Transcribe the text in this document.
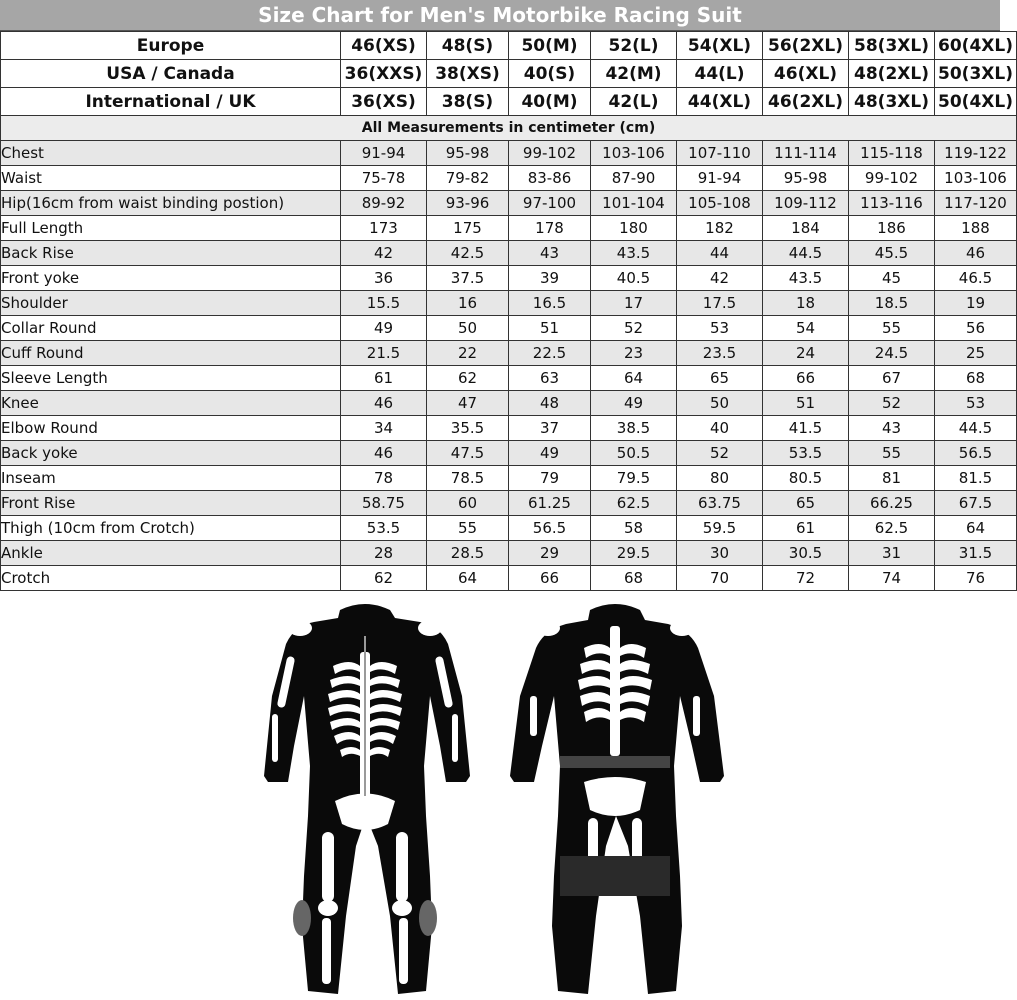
Size Chart for Men's Motorbike Racing Suit
Europe	46(XS)	48(S)	50(M)	52(L)	54(XL)	56(2XL)	58(3XL)	60(4XL)
USA / Canada	36(XXS)	38(XS)	40(S)	42(M)	44(L)	46(XL)	48(2XL)	50(3XL)
International / UK	36(XS)	38(S)	40(M)	42(L)	44(XL)	46(2XL)	48(3XL)	50(4XL)
All Measurements in centimeter (cm)								
Chest	91-94	95-98	99-102	103-106	107-110	111-114	115-118	119-122
Waist	75-78	79-82	83-86	87-90	91-94	95-98	99-102	103-106
Hip(16cm from waist binding postion)	89-92	93-96	97-100	101-104	105-108	109-112	113-116	117-120
Full Length	173	175	178	180	182	184	186	188
Back Rise	42	42.5	43	43.5	44	44.5	45.5	46
Front yoke	36	37.5	39	40.5	42	43.5	45	46.5
Shoulder	15.5	16	16.5	17	17.5	18	18.5	19
Collar Round	49	50	51	52	53	54	55	56
Cuff Round	21.5	22	22.5	23	23.5	24	24.5	25
Sleeve Length	61	62	63	64	65	66	67	68
Knee	46	47	48	49	50	51	52	53
Elbow Round	34	35.5	37	38.5	40	41.5	43	44.5
Back yoke	46	47.5	49	50.5	52	53.5	55	56.5
Inseam	78	78.5	79	79.5	80	80.5	81	81.5
Front Rise	58.75	60	61.25	62.5	63.75	65	66.25	67.5
Thigh (10cm from Crotch)	53.5	55	56.5	58	59.5	61	62.5	64
Ankle	28	28.5	29	29.5	30	30.5	31	31.5
Crotch	62	64	66	68	70	72	74	76
